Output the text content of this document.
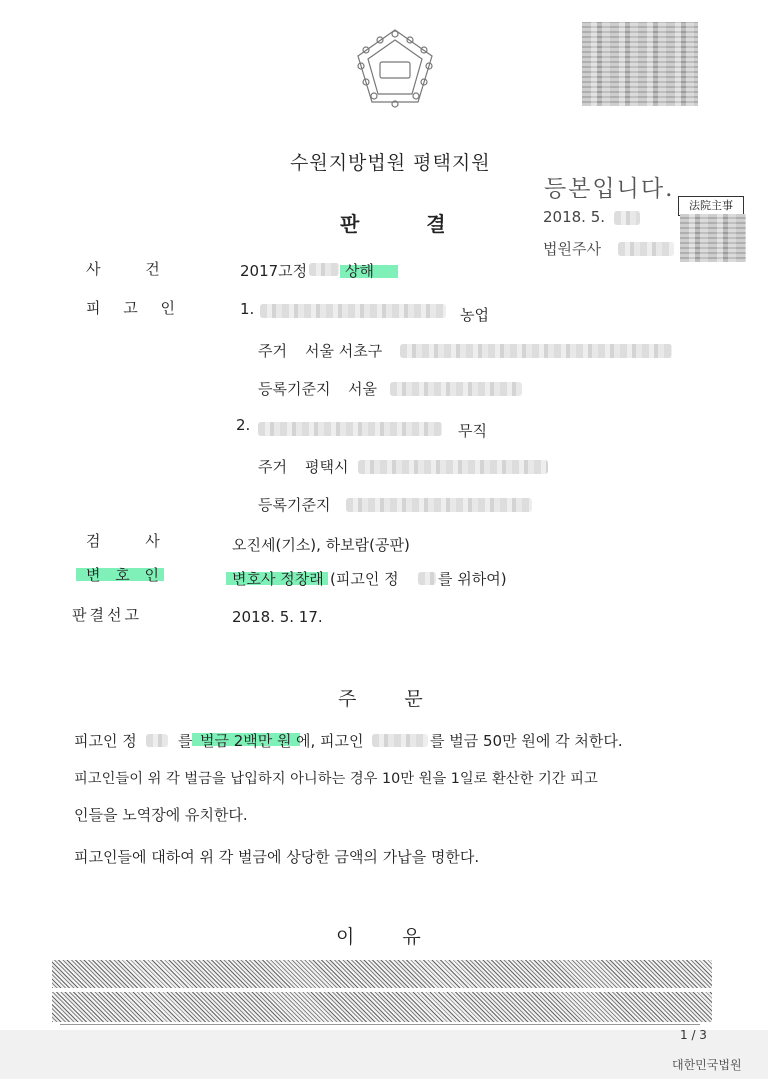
수원지방법원 평택지원
판 결
등본입니다.
2018. 5.
法院主事
법원주사
사 건	2017고정	상해
피 고 인	1.	농업
주거 서울 서초구
등록기준지 서울
2.	무직
주거 평택시
등록기준지
검 사	오진세(기소), 하보람(공판)
변 호 인	변호사 정창래 (피고인 정	를 위하여)
판결선고	2018. 5. 17.
주 문
피고인 정	를 벌금 2백만 원 에, 피고인	를 벌금 50만 원에 각 처한다.
피고인들이 위 각 벌금을 납입하지 아니하는 경우 10만 원을 1일로 환산한 기간 피고
인들을 노역장에 유치한다.
피고인들에 대하여 위 각 벌금에 상당한 금액의 가납을 명한다.
이 유
1 / 3
대한민국법원
